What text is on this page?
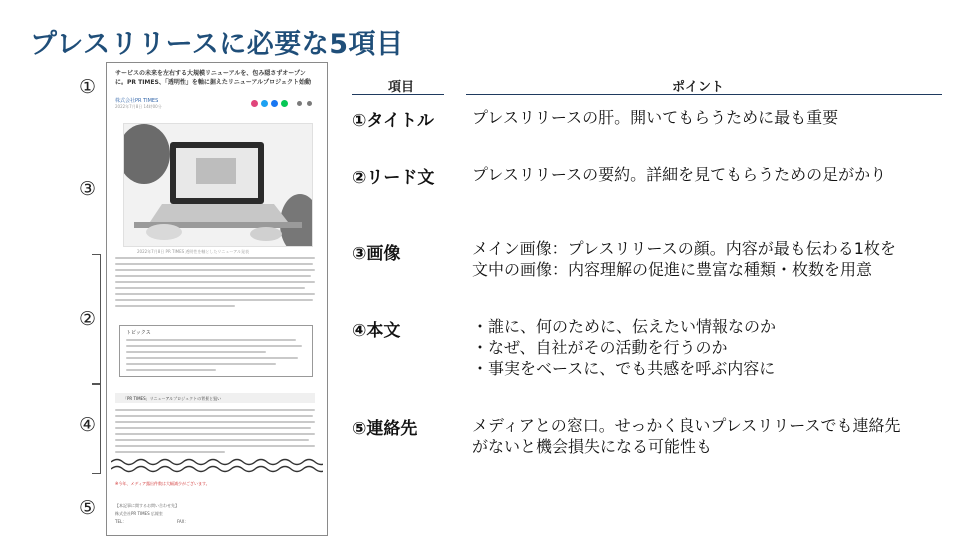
プレスリリースに必要な5項目
①
③
②
④
⑤
サービスの未来を左右する大規模リニューアルを、包み隠さずオープンに。PR TIMES、「透明性」を軸に据えたリニューアルプロジェクト始動
株式会社PR TIMES
2022年7月8日 14時00分
2022年7月8日 PR TIMES 透明性を軸としたリニューアル発表
トピックス
「PR TIMES」リニューアルプロジェクトの背景と狙い
※今年、メディア露出件数は大幅減少がございます。
【本記事に関するお問い合わせ先】
株式会社PR TIMES 広報室
TEL：	FAX：
項目	ポイント
①タイトル プレスリリースの肝。開いてもらうために最も重要
②リード文 プレスリリースの要約。詳細を見てもらうための足がかり
③画像	メイン画像：プレスリリースの顔。内容が最も伝わる1枚を
文中の画像：内容理解の促進に豊富な種類・枚数を用意
④本文	・誰に、何のために、伝えたい情報なのか
・なぜ、自社がその活動を行うのか
・事実をベースに、でも共感を呼ぶ内容に
⑤連絡先	メディアとの窓口。せっかく良いプレスリリースでも連絡先
がないと機会損失になる可能性も
